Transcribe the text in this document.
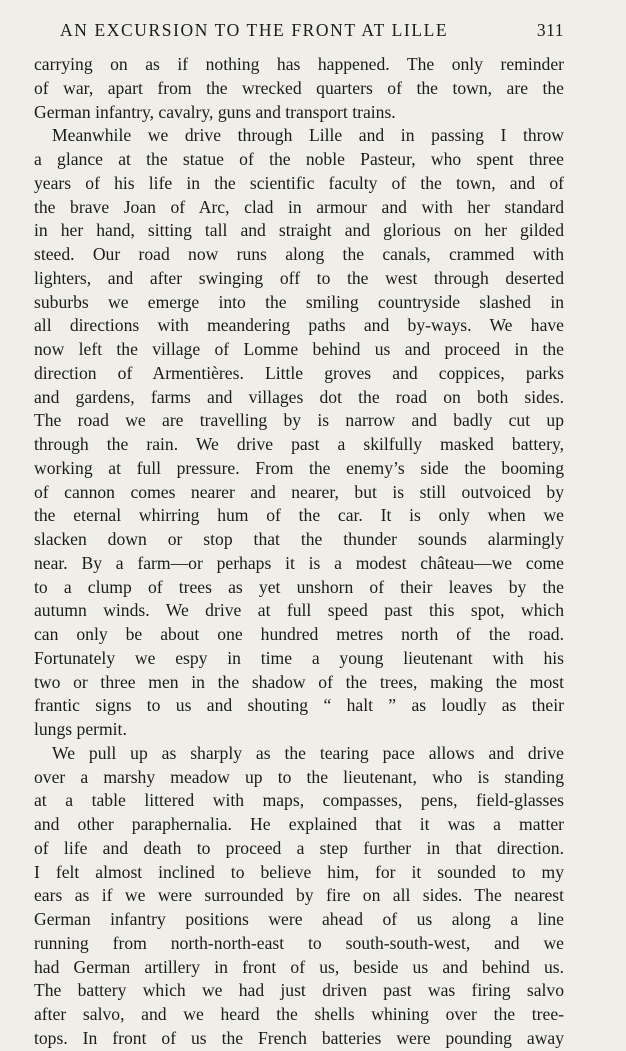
AN EXCURSION TO THE FRONT AT LILLE	311
carrying on as if nothing has happened. The only reminder
of war, apart from the wrecked quarters of the town, are the
German infantry, cavalry, guns and transport trains.
Meanwhile we drive through Lille and in passing I throw
a glance at the statue of the noble Pasteur, who spent three
years of his life in the scientific faculty of the town, and of
the brave Joan of Arc, clad in armour and with her standard
in her hand, sitting tall and straight and glorious on her gilded
steed. Our road now runs along the canals, crammed with
lighters, and after swinging off to the west through deserted
suburbs we emerge into the smiling countryside slashed in
all directions with meandering paths and by-ways. We have
now left the village of Lomme behind us and proceed in the
direction of Armentières. Little groves and coppices, parks
and gardens, farms and villages dot the road on both sides.
The road we are travelling by is narrow and badly cut up
through the rain. We drive past a skilfully masked battery,
working at full pressure. From the enemy’s side the booming
of cannon comes nearer and nearer, but is still outvoiced by
the eternal whirring hum of the car. It is only when we
slacken down or stop that the thunder sounds alarmingly
near. By a farm—or perhaps it is a modest château—we come
to a clump of trees as yet unshorn of their leaves by the
autumn winds. We drive at full speed past this spot, which
can only be about one hundred metres north of the road.
Fortunately we espy in time a young lieutenant with his
two or three men in the shadow of the trees, making the most
frantic signs to us and shouting “ halt ” as loudly as their
lungs permit.
We pull up as sharply as the tearing pace allows and drive
over a marshy meadow up to the lieutenant, who is standing
at a table littered with maps, compasses, pens, field-glasses
and other paraphernalia. He explained that it was a matter
of life and death to proceed a step further in that direction.
I felt almost inclined to believe him, for it sounded to my
ears as if we were surrounded by fire on all sides. The nearest
German infantry positions were ahead of us along a line
running from north-north-east to south-south-west, and we
had German artillery in front of us, beside us and behind us.
The battery which we had just driven past was firing salvo
after salvo, and we heard the shells whining over the tree-
tops. In front of us the French batteries were pounding away
